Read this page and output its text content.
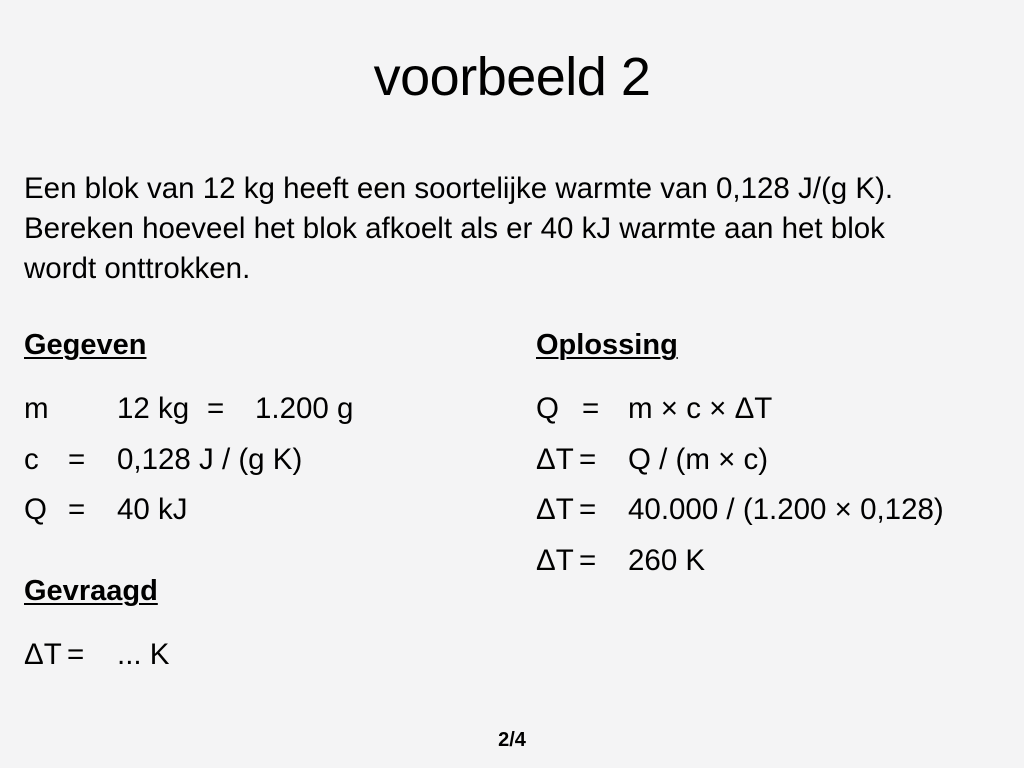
voorbeeld 2
Een blok van 12 kg heeft een soortelijke warmte van 0,128 J/(g K).
Bereken hoeveel het blok afkoelt als er 40 kJ warmte aan het blok
wordt onttrokken.
Gegeven
m 12 kg = 1.200 g
c = 0,128 J / (g K)
Q = 40 kJ
Gevraagd
ΔT = ... K
Oplossing
Q = m × c × ΔT
ΔT = Q / (m × c)
ΔT = 40.000 / (1.200 × 0,128)
ΔT = 260 K
2/4
